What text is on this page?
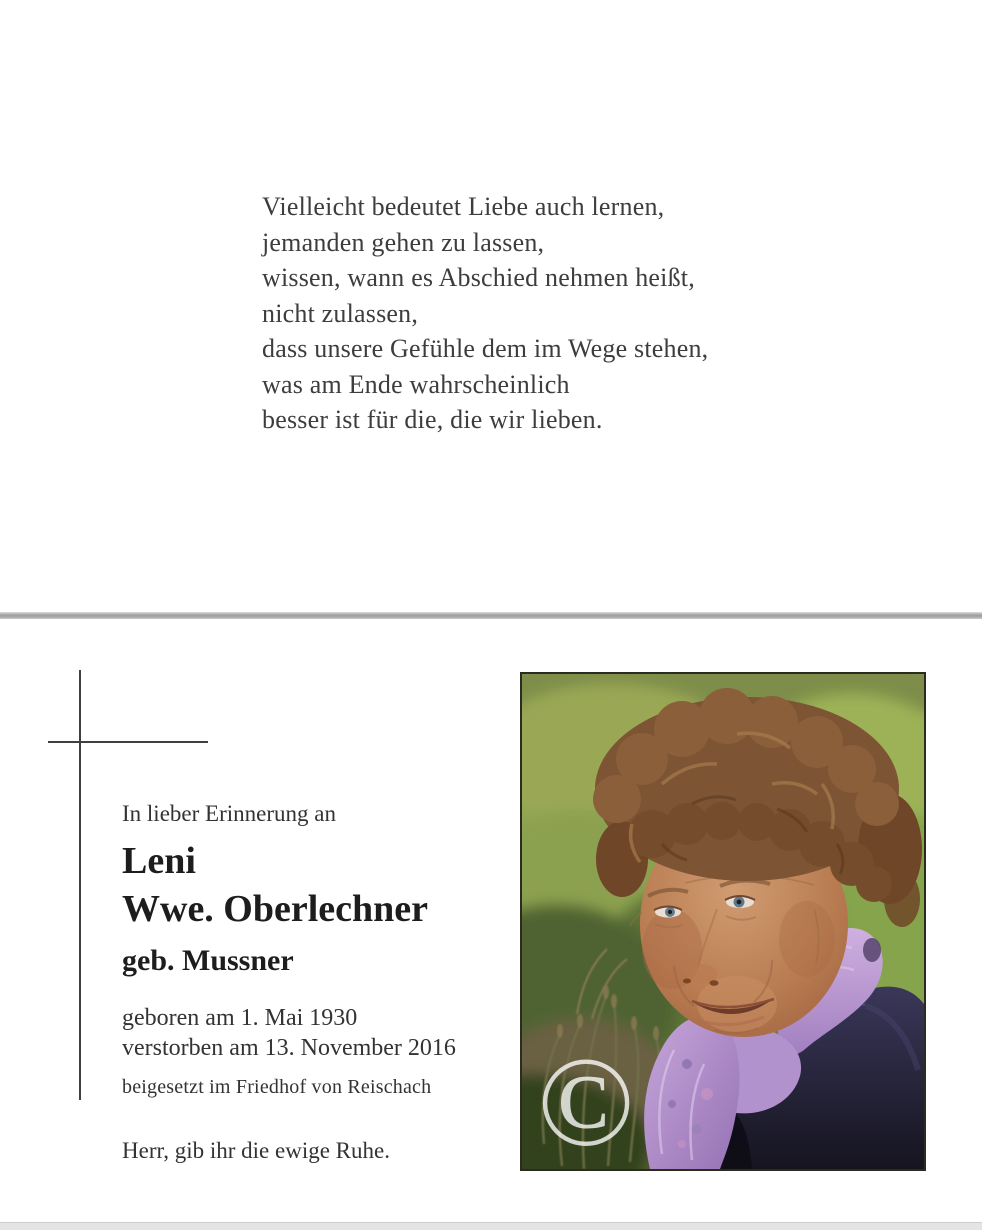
Vielleicht bedeutet Liebe auch lernen,
jemanden gehen zu lassen,
wissen, wann es Abschied nehmen heißt,
nicht zulassen,
dass unsere Gefühle dem im Wege stehen,
was am Ende wahrscheinlich
besser ist für die, die wir lieben.
In lieber Erinnerung an
Leni
Wwe. Oberlechner
geb. Mussner
geboren am 1. Mai 1930
verstorben am 13. November 2016
beigesetzt im Friedhof von Reischach
Herr, gib ihr die ewige Ruhe. ©
